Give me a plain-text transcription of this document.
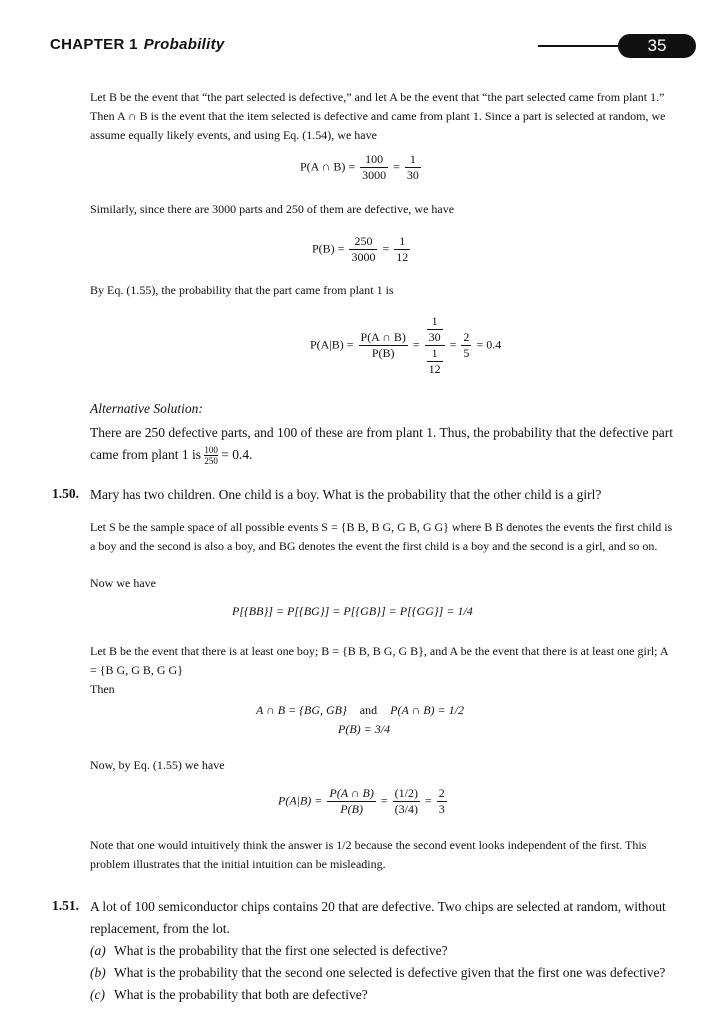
CHAPTER 1 Probability	35
Let B be the event that “the part selected is defective,” and let A be the event that “the part selected came from plant 1.” Then A ∩ B is the event that the item selected is defective and came from plant 1. Since a part is selected at random, we assume equally likely events, and using Eq. (1.54), we have
P(A ∩ $B) = \frac{100}{3000} = \frac{1}{30}$
Similarly, since there are 3000 parts and 250 of them are defective, we have
$P(B) = \frac{250}{3000} = \frac{1}{12}$
By Eq. (1.55), the probability that the part came from plant 1 is
$P(A|B) = \frac{P(A \cap B)}{P(B)} = \frac{\frac{1}{30}}{\frac{1}{12}} = \frac{2}{5} = 0.4$
Alternative Solution:
There are 250 defective parts, and 100 of these are from plant 1. Thus, the probability that the defective part came from plant 1 is $\frac{100}{250} = 0.4$.
1.50. Mary has two children. One child is a boy. What is the probability that the other child is a girl?
Let S be the sample space of all possible events S = {B B, B G, G B, G G} where B B denotes the events the first child is a boy and the second is also a boy, and BG denotes the event the first child is a boy and the second is a girl, and so on.
Now we have
P[{BB}] = P[{BG}] = P[{GB}] = P[{GG}] = 1/4
Let B be the event that there is at least one boy; B = {B B, B G, G B}, and A be the event that there is at least one girl; A = {B G, G B, G G}
Then
A ∩ B = {BG, GB} and P(A ∩ B) = 1/2
P(B) = 3/4
Now, by Eq. (1.55) we have
$P(A|B) = \frac{P(A \cap B)}{P(B)} = \frac{(1/2)}{(3/4)} = \frac{2}{3}$
Note that one would intuitively think the answer is 1/2 because the second event looks independent of the first. This problem illustrates that the initial intuition can be misleading.
1.51. A lot of 100 semiconductor chips contains 20 that are defective. Two chips are selected at random, without replacement, from the lot.
(a) What is the probability that the first one selected is defective?
(b) What is the probability that the second one selected is defective given that the first one was defective?
(c) What is the probability that both are defective?
